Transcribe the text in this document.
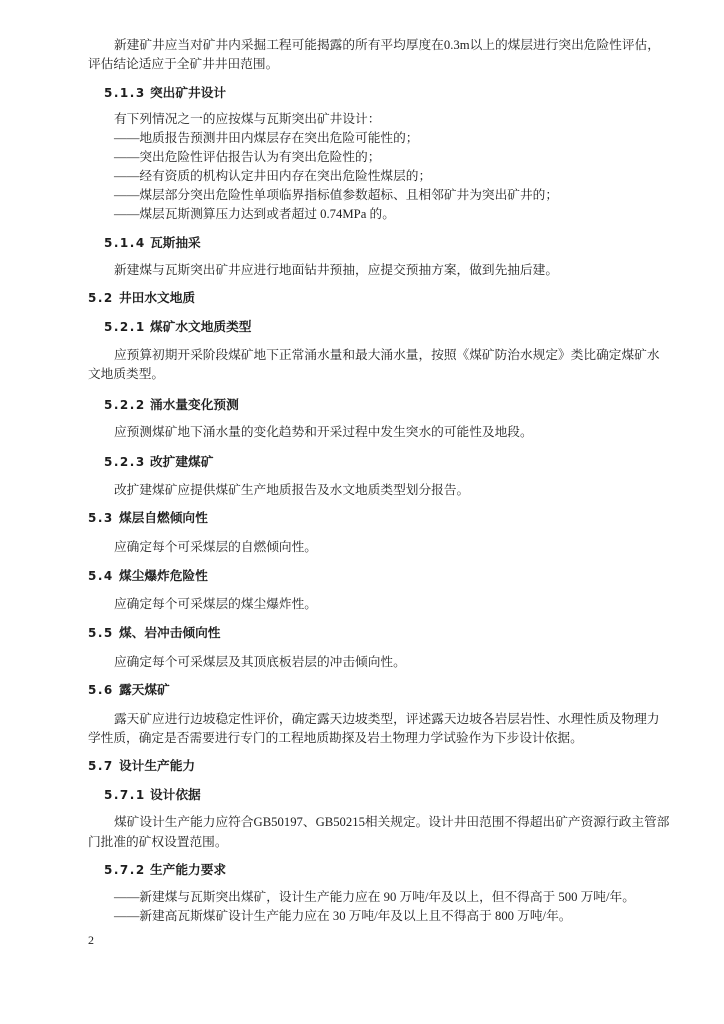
新建矿井应当对矿井内采掘工程可能揭露的所有平均厚度在0.3m以上的煤层进行突出危险性评估，
评估结论适应于全矿井井田范围。
5.1.3 突出矿井设计
有下列情况之一的应按煤与瓦斯突出矿井设计：
——地质报告预测井田内煤层存在突出危险可能性的；
——突出危险性评估报告认为有突出危险性的；
——经有资质的机构认定井田内存在突出危险性煤层的；
——煤层部分突出危险性单项临界指标值参数超标、且相邻矿井为突出矿井的；
——煤层瓦斯测算压力达到或者超过 0.74MPa 的。
5.1.4 瓦斯抽采
新建煤与瓦斯突出矿井应进行地面钻井预抽，应提交预抽方案，做到先抽后建。
5.2 井田水文地质
5.2.1 煤矿水文地质类型
应预算初期开采阶段煤矿地下正常涌水量和最大涌水量，按照《煤矿防治水规定》类比确定煤矿水
文地质类型。
5.2.2 涌水量变化预测
应预测煤矿地下涌水量的变化趋势和开采过程中发生突水的可能性及地段。
5.2.3 改扩建煤矿
改扩建煤矿应提供煤矿生产地质报告及水文地质类型划分报告。
5.3 煤层自燃倾向性
应确定每个可采煤层的自燃倾向性。
5.4 煤尘爆炸危险性
应确定每个可采煤层的煤尘爆炸性。
5.5 煤、岩冲击倾向性
应确定每个可采煤层及其顶底板岩层的冲击倾向性。
5.6 露天煤矿
露天矿应进行边坡稳定性评价，确定露天边坡类型，评述露天边坡各岩层岩性、水理性质及物理力
学性质，确定是否需要进行专门的工程地质勘探及岩土物理力学试验作为下步设计依据。
5.7 设计生产能力
5.7.1 设计依据
煤矿设计生产能力应符合GB50197、GB50215相关规定。设计井田范围不得超出矿产资源行政主管部
门批准的矿权设置范围。
5.7.2 生产能力要求
——新建煤与瓦斯突出煤矿，设计生产能力应在 90 万吨/年及以上，但不得高于 500 万吨/年。
——新建高瓦斯煤矿设计生产能力应在 30 万吨/年及以上且不得高于 800 万吨/年。
2
